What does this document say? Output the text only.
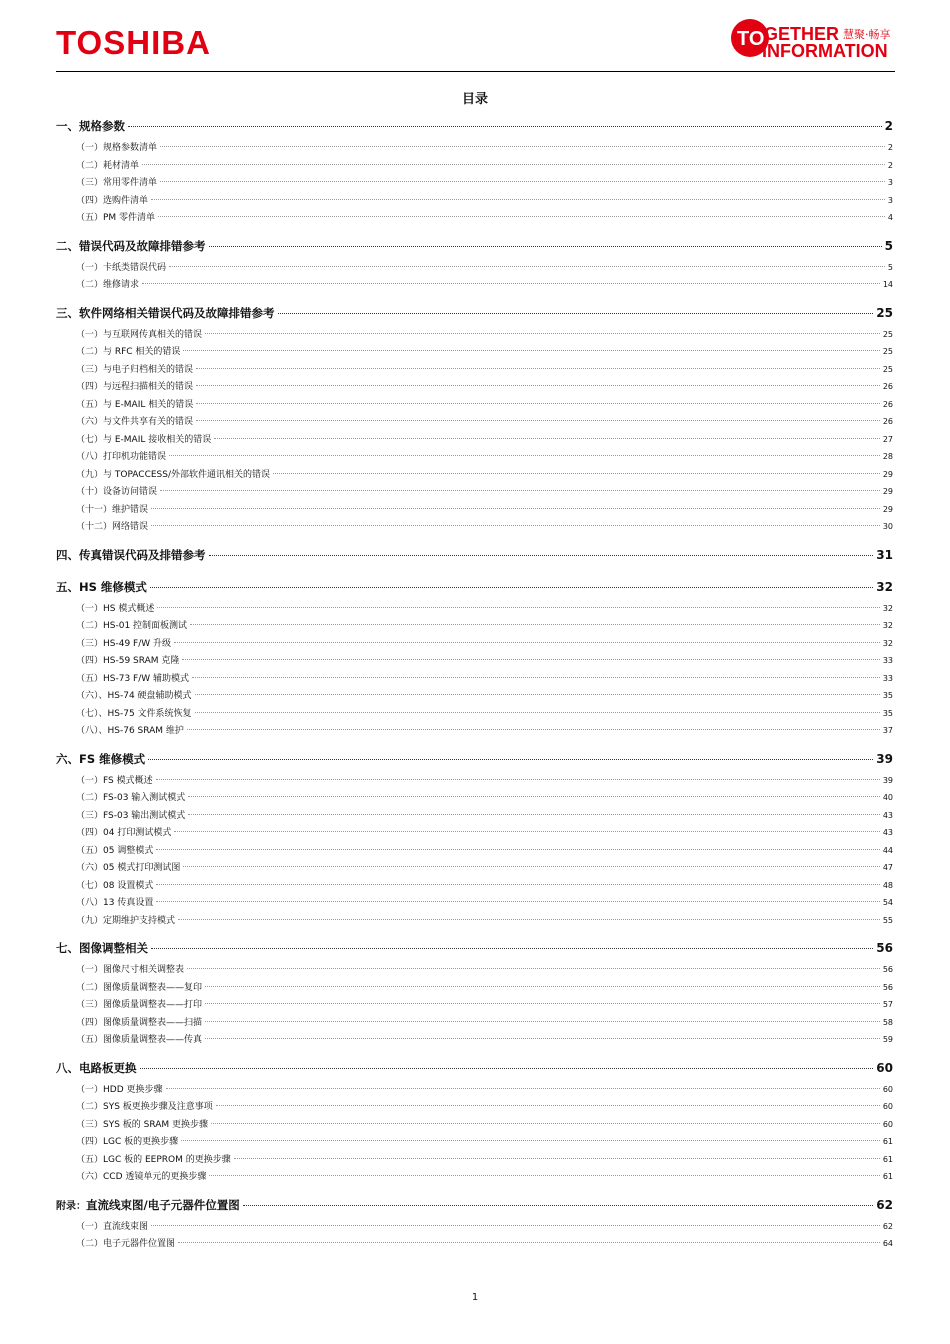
TOSHIBA	TO GETHER 慧聚·畅享
INFORMATION
目录
一、规格参数	2
（一）规格参数清单	2
（二）耗材清单	2
（三）常用零件清单	3
（四）选购件清单	3
（五）PM 零件清单	4
二、错误代码及故障排错参考	5
（一）卡纸类错误代码	5
（二）维修请求	14
三、软件网络相关错误代码及故障排错参考	25
（一）与互联网传真相关的错误	25
（二）与 RFC 相关的错误	25
（三）与电子归档相关的错误	25
（四）与远程扫描相关的错误	26
（五）与 E-MAIL 相关的错误	26
（六）与文件共享有关的错误	26
（七）与 E-MAIL 接收相关的错误	27
（八）打印机功能错误	28
（九）与 TOPACCESS/外部软件通讯相关的错误	29
（十）设备访问错误	29
（十一）维护错误	29
（十二）网络错误	30
四、传真错误代码及排错参考	31
五、HS 维修模式	32
（一）HS 模式概述	32
（二）HS-01 控制面板测试	32
（三）HS-49 F/W 升级	32
（四）HS-59 SRAM 克隆	33
（五）HS-73 F/W 辅助模式	33
（六）、HS-74 硬盘辅助模式	35
（七）、HS-75 文件系统恢复	35
（八）、HS-76 SRAM 维护	37
六、FS 维修模式	39
（一）FS 模式概述	39
（二）FS-03 输入测试模式	40
（三）FS-03 输出测试模式	43
（四）04 打印测试模式	43
（五）05 调整模式	44
（六）05 模式打印测试图	47
（七）08 设置模式	48
（八）13 传真设置	54
（九）定期维护支持模式	55
七、图像调整相关	56
（一）图像尺寸相关调整表	56
（二）图像质量调整表——复印	56
（三）图像质量调整表——打印	57
（四）图像质量调整表——扫描	58
（五）图像质量调整表——传真	59
八、电路板更换	60
（一）HDD 更换步骤	60
（二）SYS 板更换步骤及注意事项	60
（三）SYS 板的 SRAM 更换步骤	60
（四）LGC 板的更换步骤	61
（五）LGC 板的 EEPROM 的更换步骤	61
（六）CCD 透镜单元的更换步骤	61
附录：直流线束图/电子元器件位置图	62
（一）直流线束图	62
（二）电子元器件位置图	64
1
